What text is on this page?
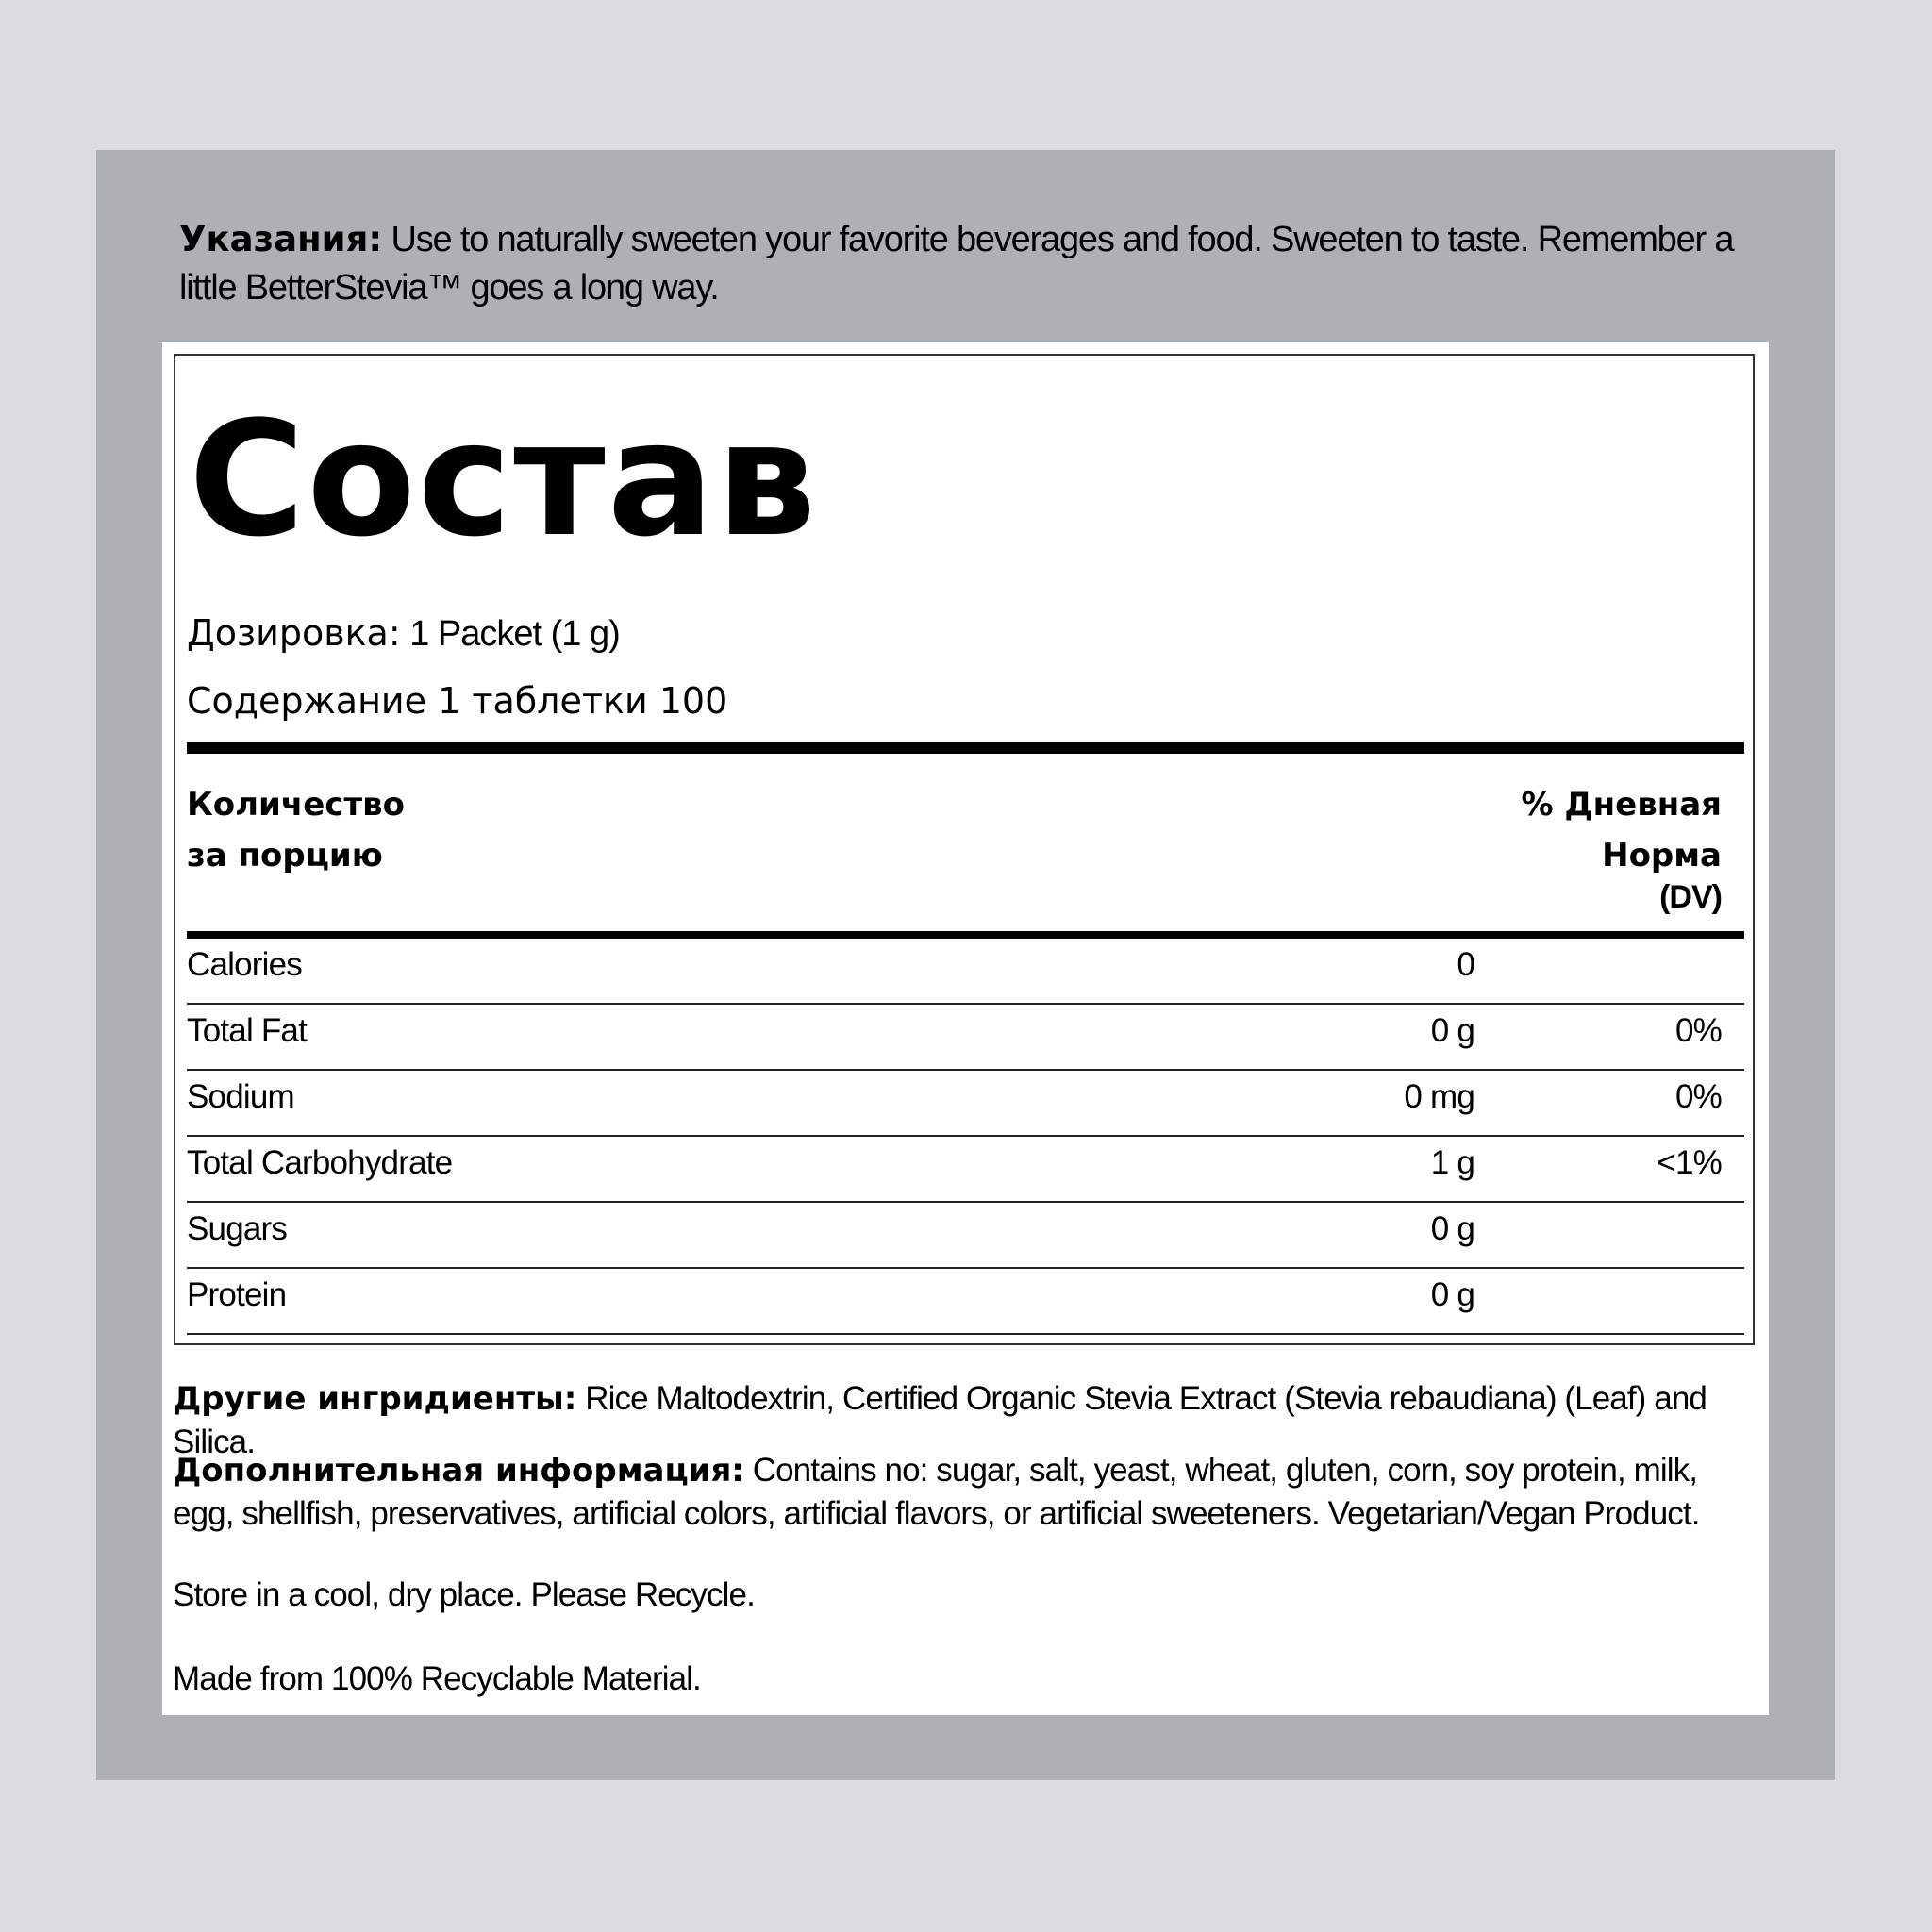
Указания: Use to naturally sweeten your favorite beverages and food. Sweeten to taste. Remember a little BetterStevia™ goes a long way.
Состав
Дозировка: 1 Packet (1 g)
Содержание 1 таблетки 100
Количество
за порцию
% Дневная
Норма
(DV)
Calories	0
Total Fat	0 g	0%
Sodium	0 mg	0%
Total Carbohydrate	1 g	<1%
Sugars	0 g
Protein	0 g
Другие ингридиенты: Rice Maltodextrin, Certified Organic Stevia Extract (Stevia rebaudiana) (Leaf) and Silica.
Дополнительная информация: Contains no: sugar, salt, yeast, wheat, gluten, corn, soy protein, milk, egg, shellfish, preservatives, artificial colors, artificial flavors, or artificial sweeteners. Vegetarian/Vegan Product.
Store in a cool, dry place. Please Recycle.
Made from 100% Recyclable Material.
